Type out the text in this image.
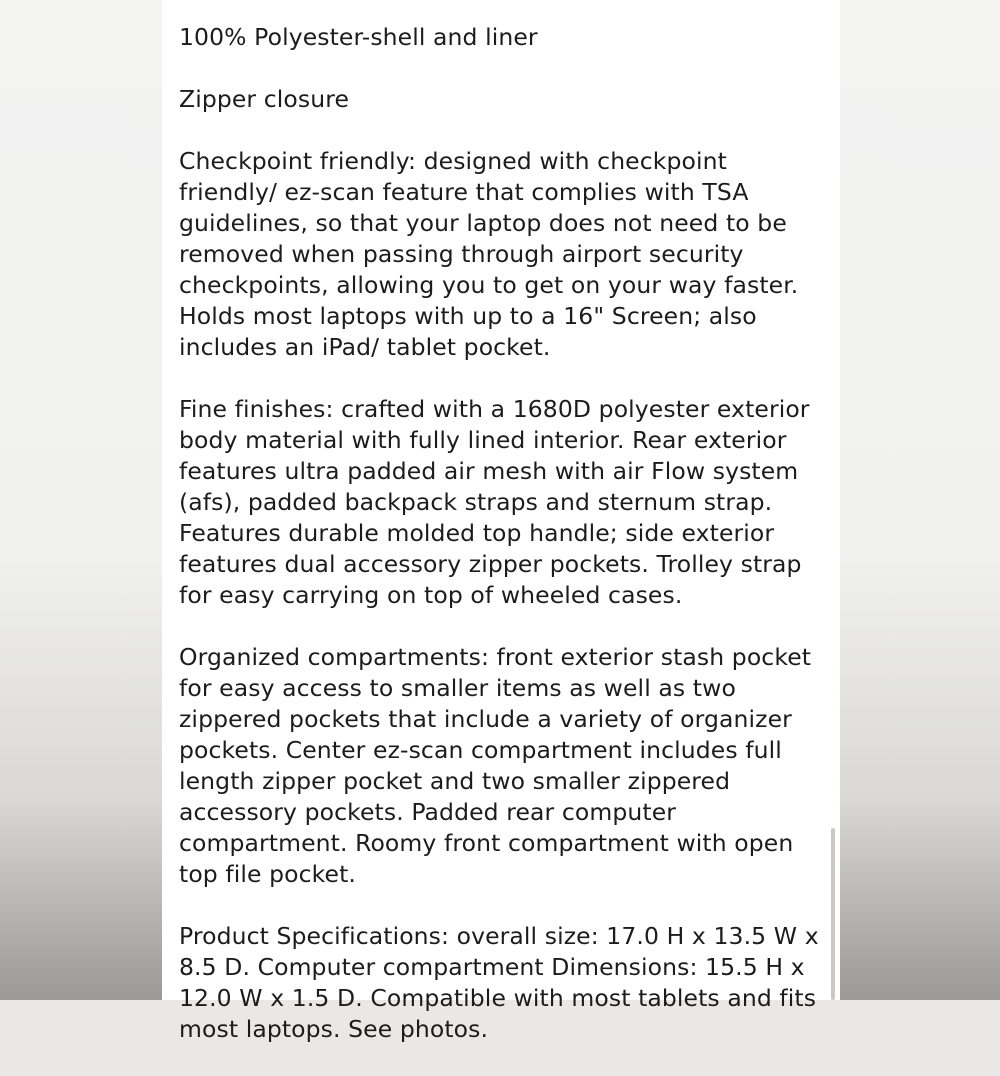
100% Polyester-shell and liner

Zipper closure

Checkpoint friendly: designed with checkpoint friendly/ ez-scan feature that complies with TSA guidelines, so that your laptop does not need to be removed when passing through airport security checkpoints, allowing you to get on your way faster. Holds most laptops with up to a 16" Screen; also includes an iPad/ tablet pocket.

Fine finishes: crafted with a 1680D polyester exterior body material with fully lined interior. Rear exterior features ultra padded air mesh with air Flow system (afs), padded backpack straps and sternum strap. Features durable molded top handle; side exterior features dual accessory zipper pockets. Trolley strap for easy carrying on top of wheeled cases.

Organized compartments: front exterior stash pocket for easy access to smaller items as well as two zippered pockets that include a variety of organizer pockets. Center ez-scan compartment includes full length zipper pocket and two smaller zippered accessory pockets. Padded rear computer compartment. Roomy front compartment with open top file pocket.

Product Specifications: overall size: 17.0 H x 13.5 W x 8.5 D. Computer compartment Dimensions: 15.5 H x 12.0 W x 1.5 D. Compatible with most tablets and fits most laptops. See photos.
